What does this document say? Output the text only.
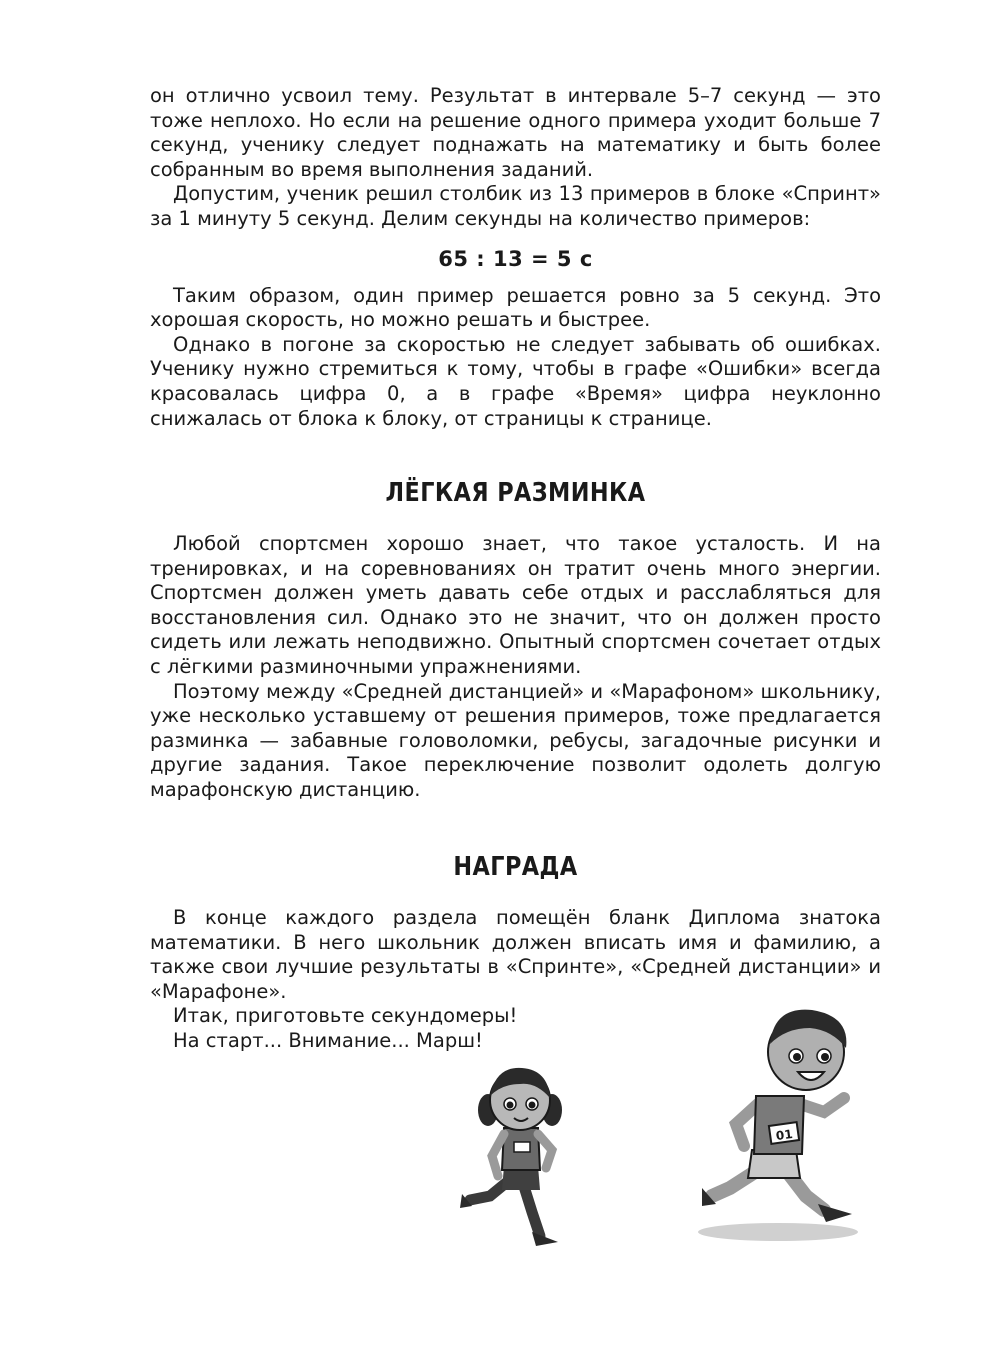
он отлично усвоил тему. Результат в интервале 5–7 секунд — это тоже неплохо. Но если на решение одного примера уходит больше 7 секунд, ученику следует поднажать на математику и быть более собранным во время выполнения заданий.

Допустим, ученик решил столбик из 13 примеров в блоке «Спринт» за 1 минуту 5 секунд. Делим секунды на количество примеров:

65 : 13 = 5 с

Таким образом, один пример решается ровно за 5 секунд. Это хорошая скорость, но можно решать и быстрее.

Однако в погоне за скоростью не следует забывать об ошибках. Ученику нужно стремиться к тому, чтобы в графе «Ошибки» всегда красовалась цифра 0, а в графе «Время» цифра неуклонно снижалась от блока к блоку, от страницы к странице.

ЛЁГКАЯ РАЗМИНКА

Любой спортсмен хорошо знает, что такое усталость. И на тренировках, и на соревнованиях он тратит очень много энергии. Спортсмен должен уметь давать себе отдых и расслабляться для восстановления сил. Однако это не значит, что он должен просто сидеть или лежать неподвижно. Опытный спортсмен сочетает отдых с лёгкими разминочными упражнениями.

Поэтому между «Средней дистанцией» и «Марафоном» школьнику, уже несколько уставшему от решения примеров, тоже предлагается разминка — забавные головоломки, ребусы, загадочные рисунки и другие задания. Такое переключение позволит одолеть долгую марафонскую дистанцию.

НАГРАДА

В конце каждого раздела помещён бланк Диплома знатока математики. В него школьник должен вписать имя и фамилию, а также свои лучшие результаты в «Спринте», «Средней дистанции» и «Марафоне».

Итак, приготовьте секундомеры!

На старт... Внимание... Марш!

01
